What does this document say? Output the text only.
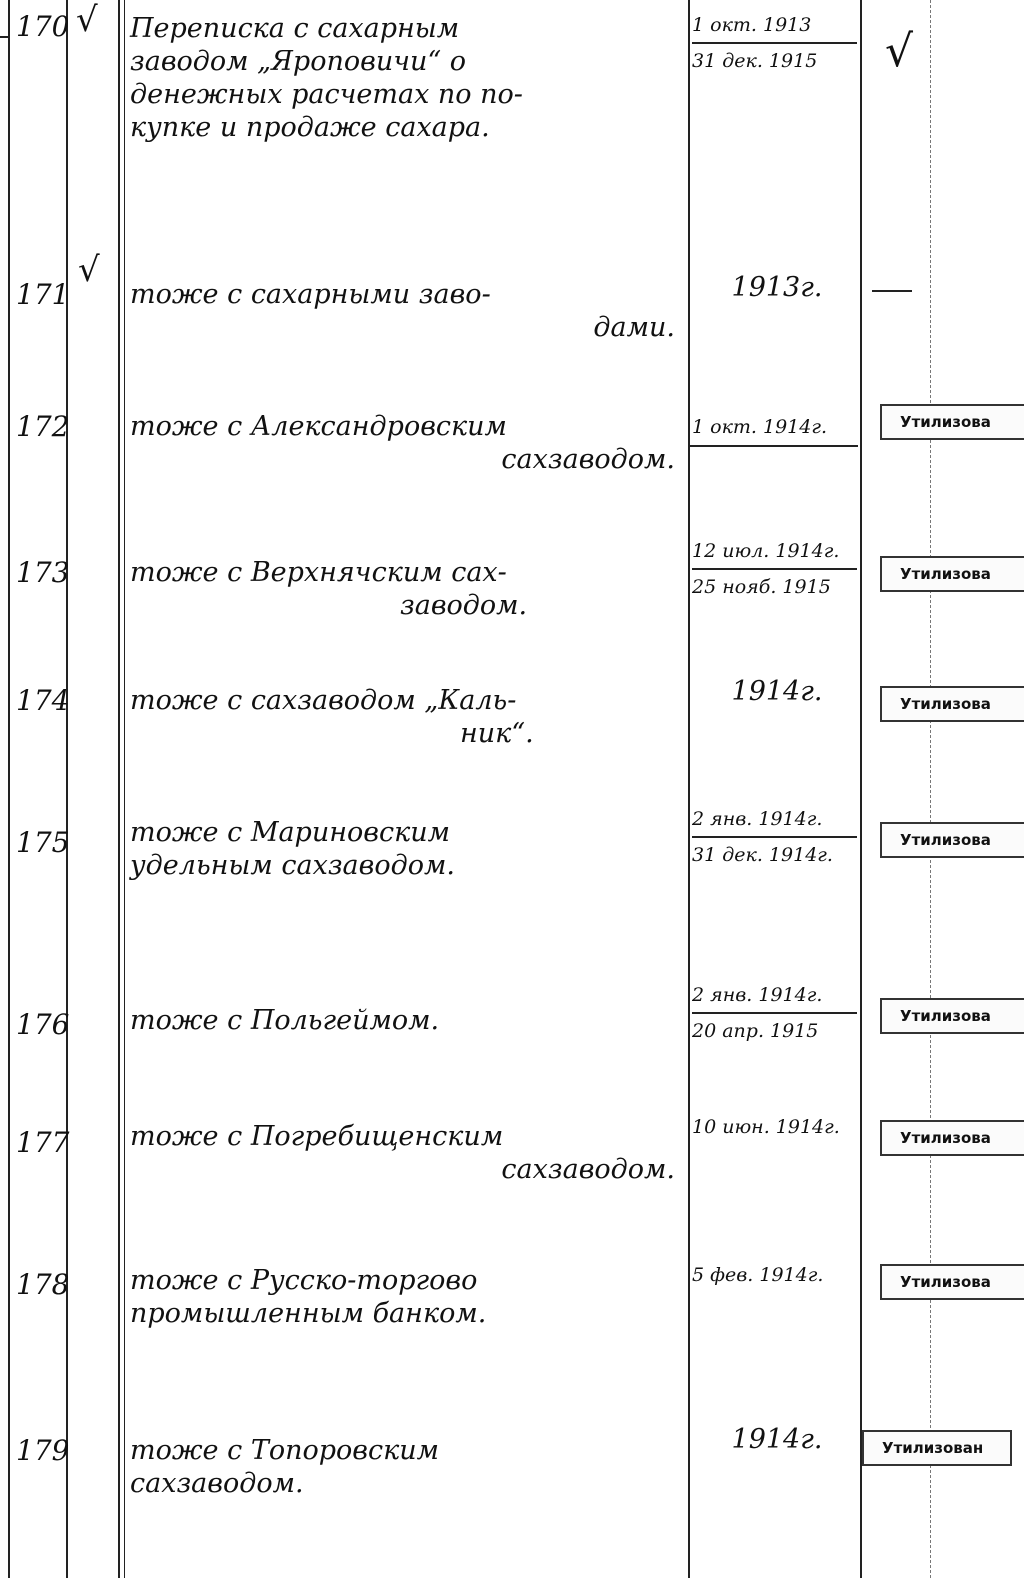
170 √ Переписка с сахарным
заводом „Яроповичи“ о
денежных расчетах по по-
купке и продаже сахара.
1 окт. 1913
31 дек. 1915	√
171
√
тоже с сахарными заво-
дами.
1913г.
172 тоже с Александровским
сахзаводом.
1 окт. 1914г.	Утилизова
173 тоже с Верхнячским сах-
заводом.
12 июл. 1914г.
25 нояб. 1915
Утилизова
174 тоже с сахзаводом „Каль-
ник“.
1914г.	Утилизова
175 тоже с Мариновским
удельным сахзаводом.
2 янв. 1914г.
31 дек. 1914г.
Утилизова
176 тоже с Польгеймом.
2 янв. 1914г.
20 апр. 1915
Утилизова
177 тоже с Погребищенским
сахзаводом.
10 июн. 1914г.	Утилизова
178 тоже с Русско-торгово
промышленным банком.
5 фев. 1914г.	Утилизова
179 тоже с Топоровским
сахзаводом.
1914г.	Утилизован
